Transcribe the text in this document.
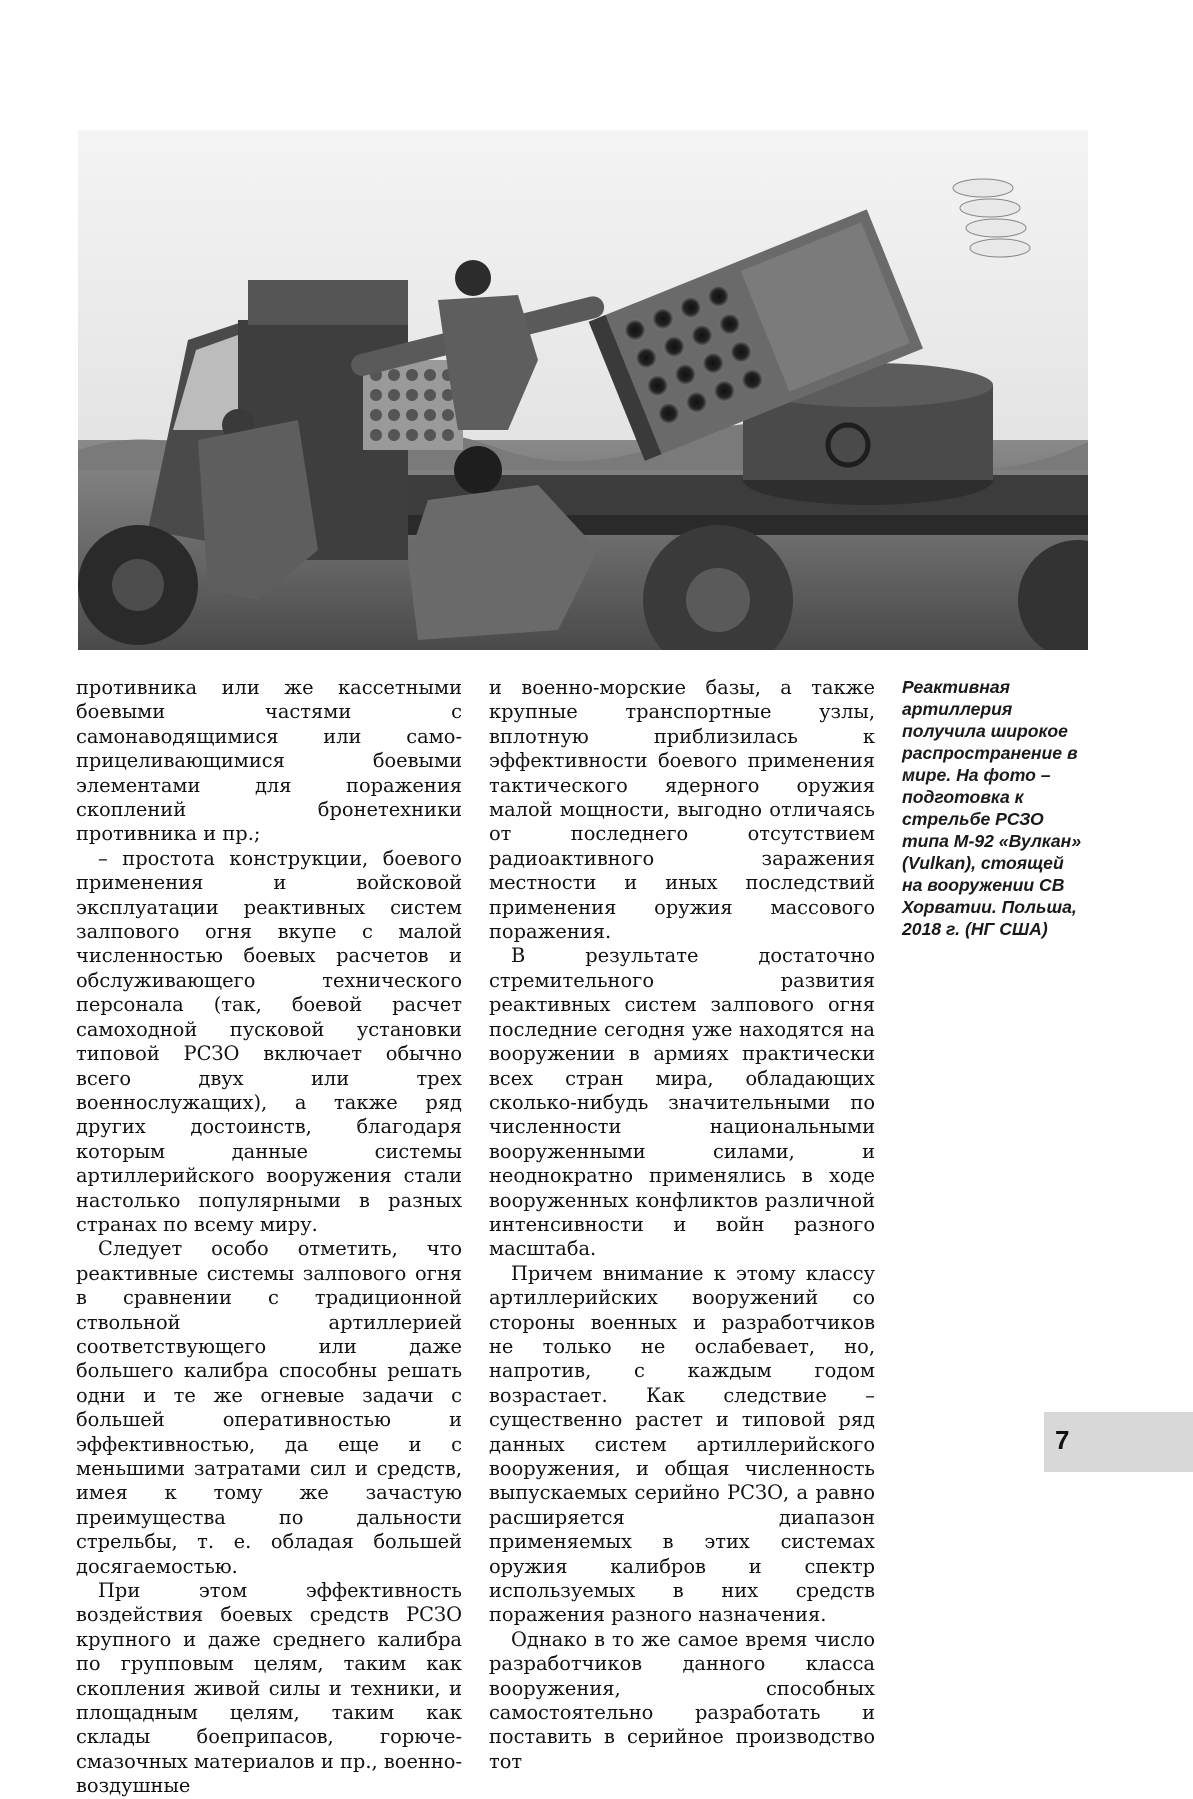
противника или же кассетными боевыми частями с самонаводящимися или само-прицеливающимися боевыми элементами для поражения скоплений бронетехники противника и пр.;

– простота конструкции, боевого применения и войсковой эксплуатации реактивных систем залпового огня вкупе с малой численностью боевых расчетов и обслуживающего технического персонала (так, боевой расчет самоходной пусковой установки типовой РСЗО включает обычно всего двух или трех военнослужащих), а также ряд других достоинств, благодаря которым данные системы артиллерийского вооружения стали настолько популярными в разных странах по всему миру.

Следует особо отметить, что реактивные системы залпового огня в сравнении с традиционной ствольной артиллерией соответствующего или даже большего калибра способны решать одни и те же огневые задачи с большей оперативностью и эффективностью, да еще и с меньшими затратами сил и средств, имея к тому же зачастую преимущества по дальности стрельбы, т. е. обладая большей досягаемостью.

При этом эффективность воздействия боевых средств РСЗО крупного и даже среднего калибра по групповым целям, таким как скопления живой силы и техники, и площадным целям, таким как склады боеприпасов, горюче-смазочных материалов и пр., военно-воздушные

и военно-морские базы, а также крупные транспортные узлы, вплотную приблизилась к эффективности боевого применения тактического ядерного оружия малой мощности, выгодно отличаясь от последнего отсутствием радиоактивного заражения местности и иных последствий применения оружия массового поражения.

В результате достаточно стремительного развития реактивных систем залпового огня последние сегодня уже находятся на вооружении в армиях практически всех стран мира, обладающих сколько-нибудь значительными по численности национальными вооруженными силами, и неоднократно применялись в ходе вооруженных конфликтов различной интенсивности и войн разного масштаба.

Причем внимание к этому классу артиллерийских вооружений со стороны военных и разработчиков не только не ослабевает, но, напротив, с каждым годом возрастает. Как следствие – существенно растет и типовой ряд данных систем артиллерийского вооружения, и общая численность выпускаемых серийно РСЗО, а равно расширяется диапазон применяемых в этих системах оружия калибров и спектр используемых в них средств поражения разного назначения.

Однако в то же самое время число разработчиков данного класса вооружения, способных самостоятельно разработать и поставить в серийное производство тот

Реактивная артиллерия получила широкое распространение в мире. На фото – подготовка к стрельбе РСЗО типа М-92 «Вулкан» (Vulkan), стоящей на вооружении СВ Хорватии. Польша, 2018 г. (НГ США)
7
